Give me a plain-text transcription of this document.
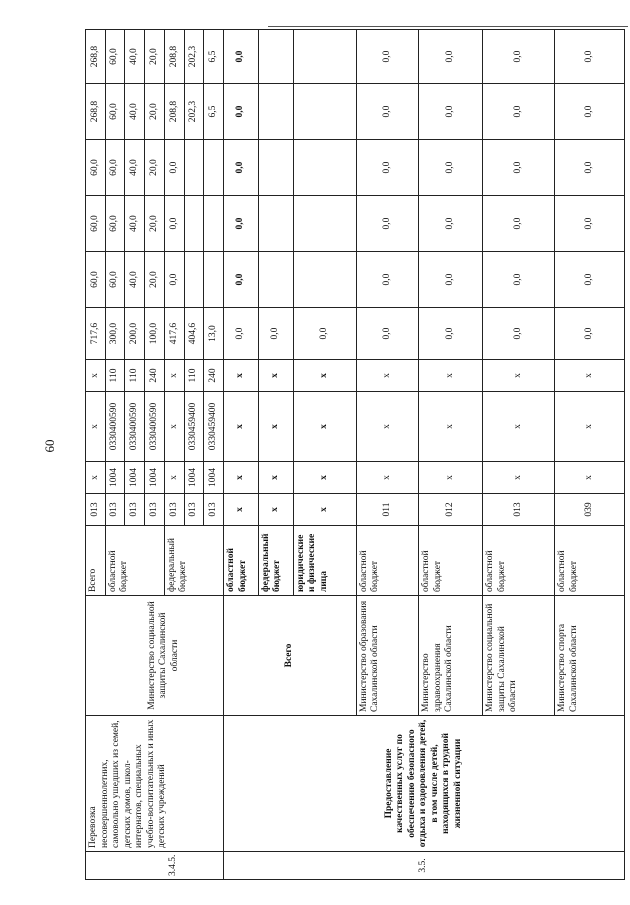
60
	Перевозка несовершеннолетних, самовольно ушедших из семей, детских домов, школ-интернатов, специальных учебно-воспитательных и иных детских учреждений		Всего	013	х	х	х	717,6	60,0	60,0	60,0	268,8	268,8
		Министерство социальной защиты Сахалинской области	областной бюджет	013	1004	0330400590	110	300,0	60,0	60,0	60,0	60,0	60,0
3.4.5.				013	1004	0330400590	110	200,0	40,0	40,0	40,0	40,0	40,0
				013	1004	0330400590	240	100,0	20,0	20,0	20,0	20,0	20,0
			федеральный бюджет	013	х	х	х	417,6	0,0	0,0	0,0	208,8	208,8
				013	1004	0330459400	110	404,6				202,3	202,3
				013	1004	0330459400	240	13,0				6,5	6,5
3.5.	Предоставление качественных услуг по обеспечению безопасного отдыха и оздоровления детей, в том числе детей, находящихся в трудной жизненной ситуации	Всего	областной бюджет	х	х	х	х	0,0	0,0	0,0	0,0	0,0	0,0
			федеральный бюджет	х	х	х	х	0,0					
			юридические и физические лица	х	х	х	х	0,0					
		Министерство образования Сахалинской области	областной бюджет	011	х	х	х	0,0	0,0	0,0	0,0	0,0	0,0
		Министерство здравоохранения Сахалинской области	областной бюджет	012	х	х	х	0,0	0,0	0,0	0,0	0,0	0,0
		Министерство социальной защиты Сахалинской области	областной бюджет	013	х	х	х	0,0	0,0	0,0	0,0	0,0	0,0
		Министерство спорта Сахалинской области	областной бюджет	039	х	х	х	0,0	0,0	0,0	0,0	0,0	0,0
